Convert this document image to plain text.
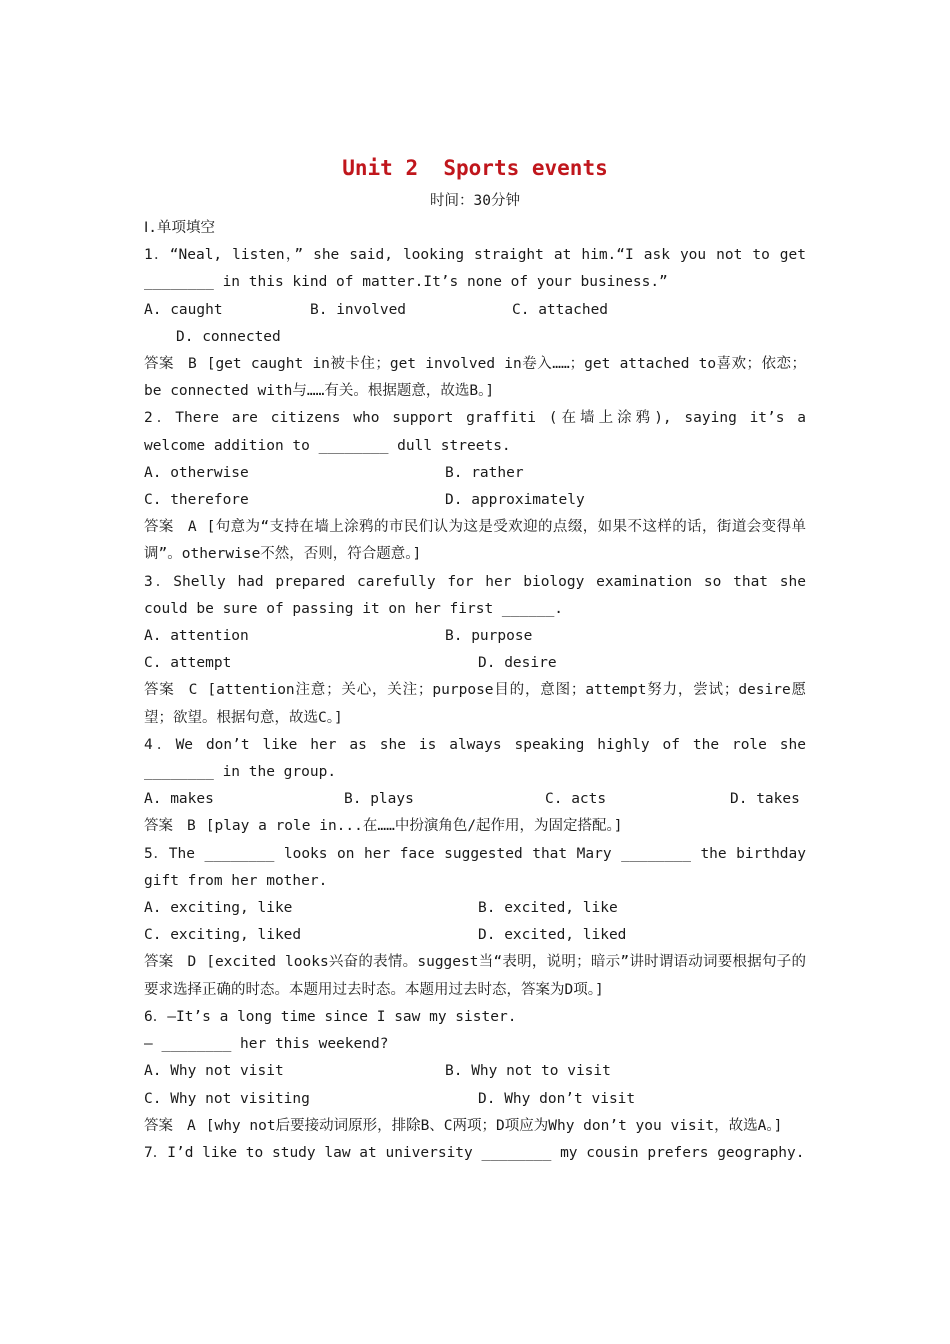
Unit 2  Sports events

时间：30分钟

Ⅰ.单项填空

1．“Neal, listen，” she said, looking straight at him.“I ask you not to get ________ in this kind of matter.It’s none of your business.”

A. caught	B. involved	C. attached
D. connected

答案 B [get caught in被卡住；get involved in卷入……；get attached to喜欢；依恋；be connected with与……有关。根据题意，故选B。]

2．There are citizens who support graffiti (在墙上涂鸦), saying it’s a welcome addition to ________ dull streets.

A. otherwise	B. rather
C. therefore	D. approximately

答案 A [句意为“支持在墙上涂鸦的市民们认为这是受欢迎的点缀，如果不这样的话，街道会变得单调”。otherwise不然，否则，符合题意。]

3．Shelly had prepared carefully for her biology examination so that she could be sure of passing it on her first ______.

A. attention	B. purpose
C. attempt	D. desire

答案 C [attention注意；关心，关注；purpose目的，意图；attempt努力，尝试；desire愿望；欲望。根据句意，故选C。]

4．We don’t like her as she is always speaking highly of the role she ________ in the group.

A. makes	B. plays	C. acts	D. takes

答案 B [play a role in...在……中扮演角色/起作用，为固定搭配。]

5．The ________ looks on her face suggested that Mary ________ the birthday gift from her mother.

A. exciting, like	B. excited, like
C. exciting, liked	D. excited, liked

答案 D [excited looks兴奋的表情。suggest当“表明，说明；暗示”讲时谓语动词要根据句子的要求选择正确的时态。本题用过去时态。本题用过去时态，答案为D项。]

6．—It’s a long time since I saw my sister.

— ________ her this weekend?

A. Why not visit	B. Why not to visit
C. Why not visiting	D. Why don’t visit

答案 A [why not后要接动词原形，排除B、C两项；D项应为Why don’t you visit，故选A。]

7．I’d like to study law at university ________ my cousin prefers geography.
